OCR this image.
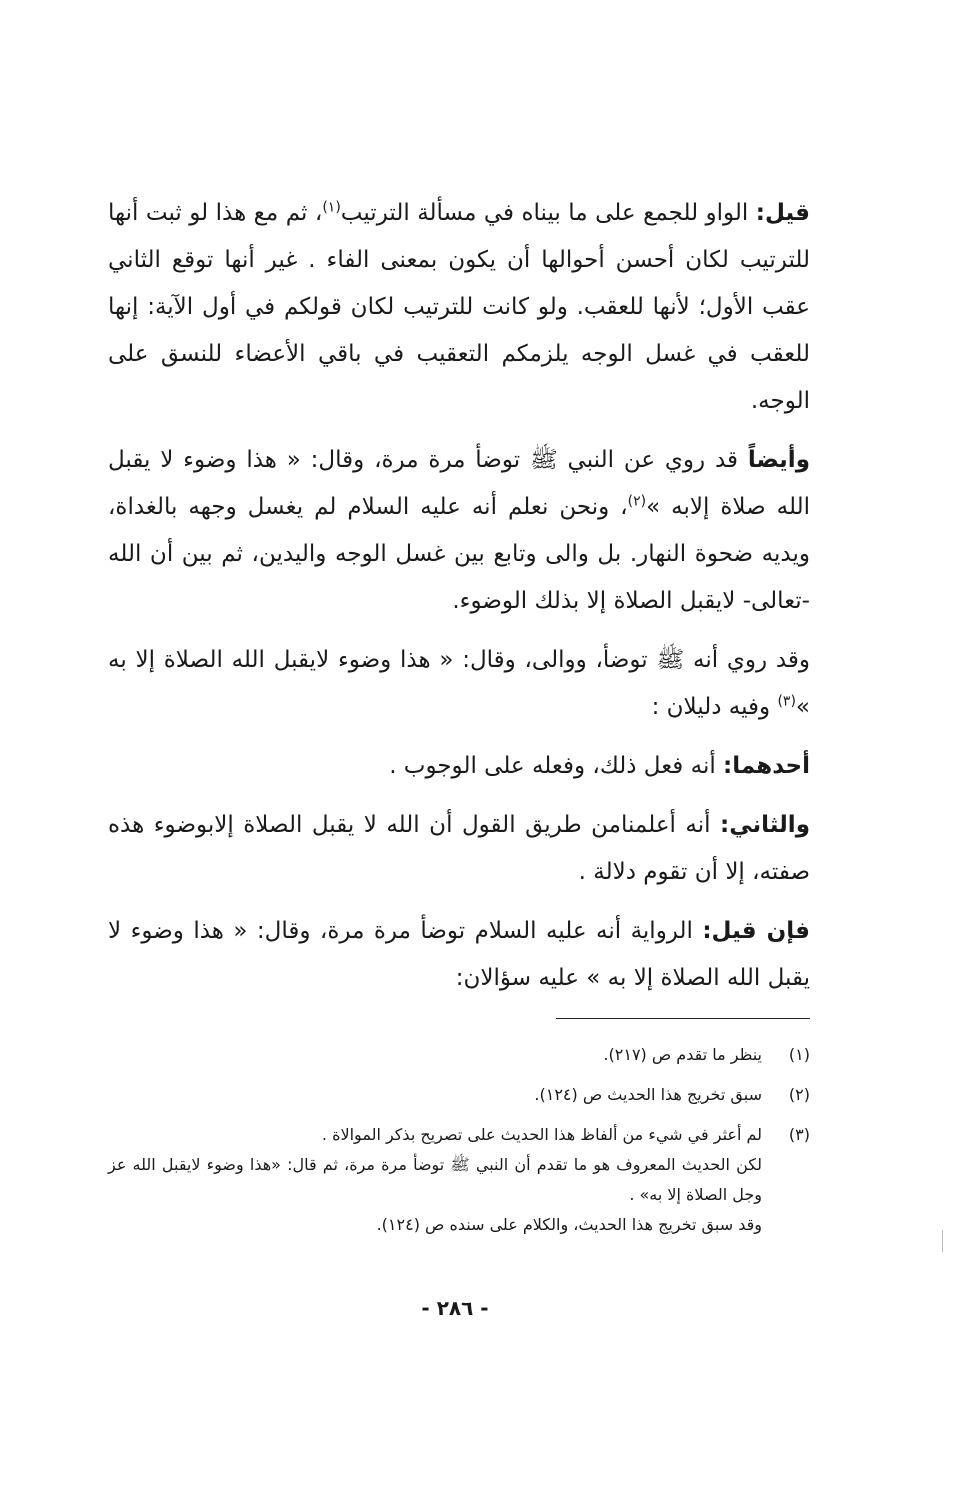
قيل: الواو للجمع على ما بيناه في مسألة الترتيب$^{(١)}$، ثم مع هذا لو ثبت أنها للترتيب لكان أحسن أحوالها أن يكون بمعنى الفاء . غير أنها توقع الثاني عقب الأول؛ لأنها للعقب. ولو كانت للترتيب لكان قولكم في أول الآية: إنها للعقب في غسل الوجه يلزمكم التعقيب في باقي الأعضاء للنسق على الوجه.

وأيضاً قد روي عن النبي ﷺ توضأ مرة مرة، وقال: « هذا وضوء لا يقبل الله صلاة إلابه »$^{(٢)}$، ونحن نعلم أنه عليه السلام لم يغسل وجهه بالغداة، ويديه ضحوة النهار. بل والى وتابع بين غسل الوجه واليدين، ثم بين أن الله -تعالى- لايقبل الصلاة إلا بذلك الوضوء.

وقد روي أنه ﷺ توضأ، ووالى، وقال: « هذا وضوء لايقبل الله الصلاة إلا به »$^{(٣)}$ وفيه دليلان :

أحدهما: أنه فعل ذلك، وفعله على الوجوب .

والثاني: أنه أعلمنامن طريق القول أن الله لا يقبل الصلاة إلابوضوء هذه صفته، إلا أن تقوم دلالة .

فإن قيل: الرواية أنه عليه السلام توضأ مرة مرة، وقال: « هذا وضوء لا يقبل الله الصلاة إلا به » عليه سؤالان:

(١)
ينظر ما تقدم ص (٢١٧).
(٢)
سبق تخريج هذا الحديث ص (١٢٤).
(٣)
لم أعثر في شيء من ألفاظ هذا الحديث على تصريح بذكر الموالاة .
لكن الحديث المعروف هو ما تقدم أن النبي ﷺ توضأ مرة مرة، ثم قال: «هذا وضوء لايقبل الله عز وجل الصلاة إلا به» .
وقد سبق تخريج هذا الحديث، والكلام على سنده ص (١٢٤).
- ٢٨٦ -
